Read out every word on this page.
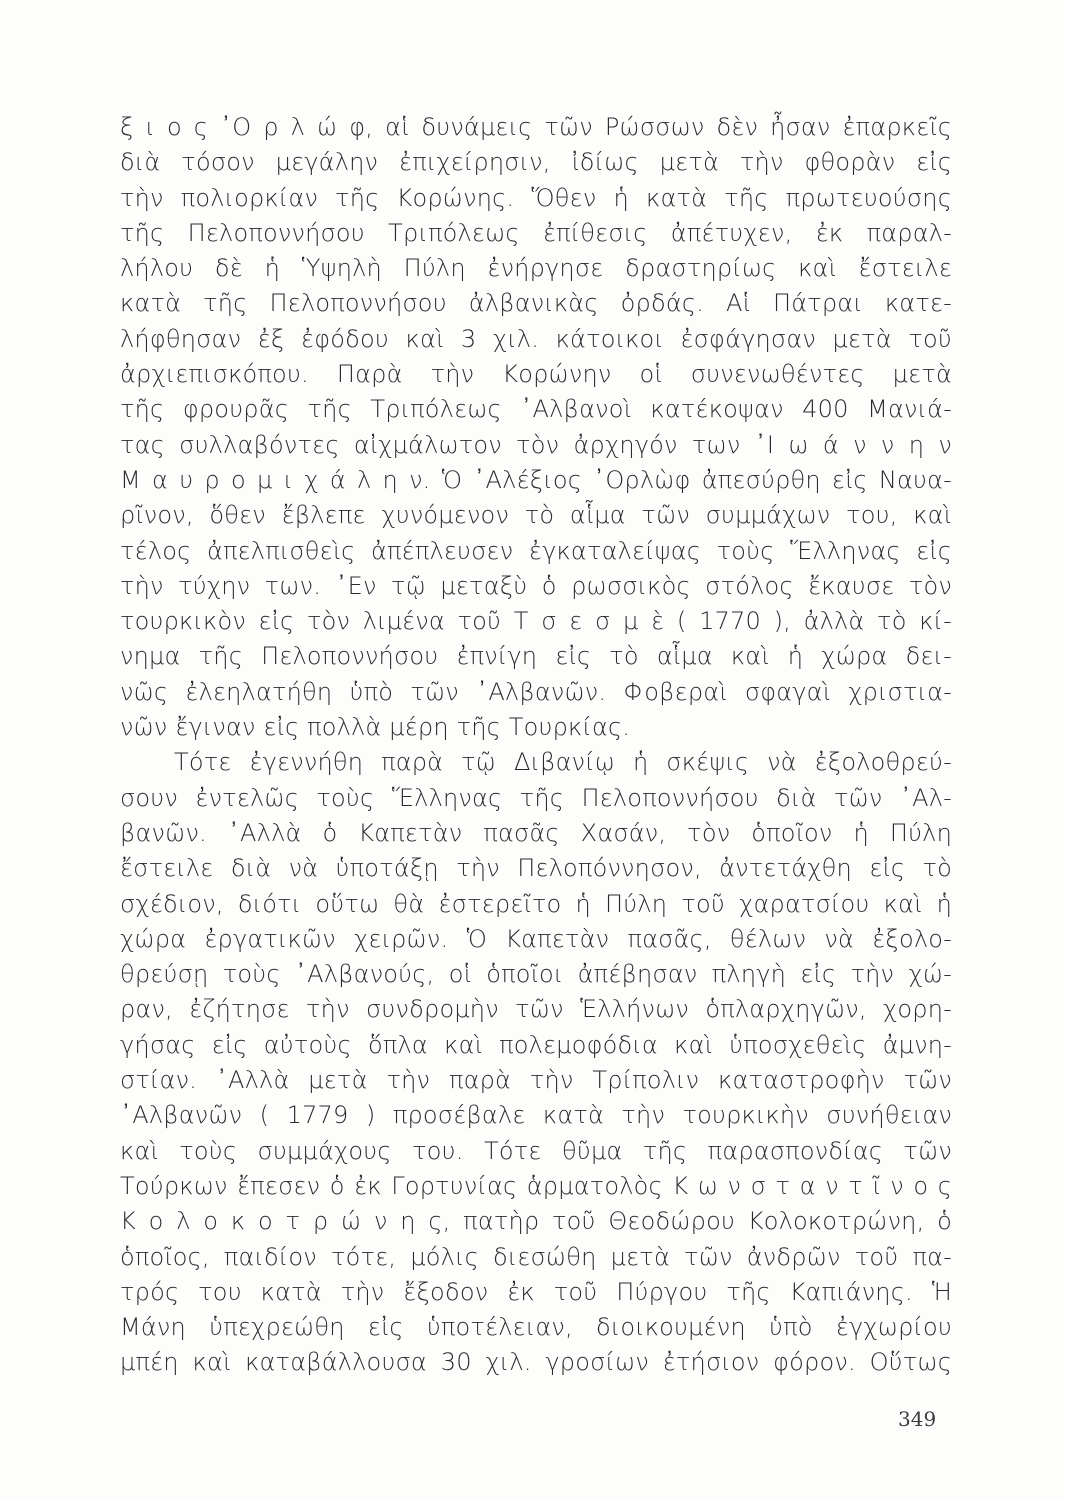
ξ ι ο ς ᾿Ο ρ λ ώ φ, αἱ δυνάμεις τῶν Ρώσσων δὲν ἦσαν ἐπαρκεῖς
διὰ τόσον μεγάλην ἐπιχείρησιν, ἰδίως μετὰ τὴν φθορὰν εἰς
τὴν πολιορκίαν τῆς Κορώνης. Ὅθεν ἡ κατὰ τῆς πρωτευούσης
τῆς Πελοποννήσου Τριπόλεως ἐπίθεσις ἀπέτυχεν, ἐκ παραλ-
λήλου δὲ ἡ Ὑψηλὴ Πύλη ἐνήργησε δραστηρίως καὶ ἔστειλε
κατὰ τῆς Πελοποννήσου ἀλβανικὰς ὀρδάς. Αἱ Πάτραι κατε-
λήφθησαν ἐξ ἐφόδου καὶ 3 χιλ. κάτοικοι ἐσφάγησαν μετὰ τοῦ
ἀρχιεπισκόπου. Παρὰ τὴν Κορώνην οἱ συνενωθέντες μετὰ
τῆς φρουρᾶς τῆς Τριπόλεως ᾿Αλβανοὶ κατέκοψαν 400 Μανιά-
τας συλλαβόντες αἰχμάλωτον τὸν ἀρχηγόν των ᾿Ι ω ά ν ν η ν
Μ α υ ρ ο μ ι χ ά λ η ν. Ὁ ᾿Αλέξιος ᾿Ορλὼφ ἀπεσύρθη εἰς Ναυα-
ρῖνον, ὅθεν ἔβλεπε χυνόμενον τὸ αἷμα τῶν συμμάχων του, καὶ
τέλος ἀπελπισθεὶς ἀπέπλευσεν ἐγκαταλείψας τοὺς Ἕλληνας εἰς
τὴν τύχην των. ᾿Εν τῷ μεταξὺ ὁ ρωσσικὸς στόλος ἔκαυσε τὸν
τουρκικὸν εἰς τὸν λιμένα τοῦ Τ σ ε σ μ ὲ ( 1770 ), ἀλλὰ τὸ κί-
νημα τῆς Πελοποννήσου ἐπνίγη εἰς τὸ αἷμα καὶ ἡ χώρα δει-
νῶς ἐλεηλατήθη ὑπὸ τῶν ᾿Αλβανῶν. Φοβεραὶ σφαγαὶ χριστια-
νῶν ἔγιναν εἰς πολλὰ μέρη τῆς Τουρκίας.
Τότε ἐγεννήθη παρὰ τῷ Διβανίῳ ἡ σκέψις νὰ ἐξολοθρεύ-
σουν ἐντελῶς τοὺς Ἕλληνας τῆς Πελοποννήσου διὰ τῶν ᾿Αλ-
βανῶν. ᾿Αλλὰ ὁ Καπετὰν πασᾶς Χασάν, τὸν ὁποῖον ἡ Πύλη
ἔστειλε διὰ νὰ ὑποτάξῃ τὴν Πελοπόννησον, ἀντετάχθη εἰς τὸ
σχέδιον, διότι οὕτω θὰ ἐστερεῖτο ἡ Πύλη τοῦ χαρατσίου καὶ ἡ
χώρα ἐργατικῶν χειρῶν. Ὁ Καπετὰν πασᾶς, θέλων νὰ ἐξολο-
θρεύσῃ τοὺς ᾿Αλβανούς, οἱ ὁποῖοι ἀπέβησαν πληγὴ εἰς τὴν χώ-
ραν, ἐζήτησε τὴν συνδρομὴν τῶν Ἑλλήνων ὁπλαρχηγῶν, χορη-
γήσας εἰς αὐτοὺς ὅπλα καὶ πολεμοφόδια καὶ ὑποσχεθεὶς ἀμνη-
στίαν. ᾿Αλλὰ μετὰ τὴν παρὰ τὴν Τρίπολιν καταστροφὴν τῶν
᾿Αλβανῶν ( 1779 ) προσέβαλε κατὰ τὴν τουρκικὴν συνήθειαν
καὶ τοὺς συμμάχους του. Τότε θῦμα τῆς παρασπονδίας τῶν
Τούρκων ἔπεσεν ὁ ἐκ Γορτυνίας ἁρματολὸς Κ ω ν σ τ α ν τ ῖ ν ο ς
Κ ο λ ο κ ο τ ρ ώ ν η ς, πατὴρ τοῦ Θεοδώρου Κολοκοτρώνη, ὁ
ὁποῖος, παιδίον τότε, μόλις διεσώθη μετὰ τῶν ἀνδρῶν τοῦ πα-
τρός του κατὰ τὴν ἔξοδον ἐκ τοῦ Πύργου τῆς Καπιάνης. Ἡ
Μάνη ὑπεχρεώθη εἰς ὑποτέλειαν, διοικουμένη ὑπὸ ἐγχωρίου
μπέη καὶ καταβάλλουσα 30 χιλ. γροσίων ἐτήσιον φόρον. Οὕτως
349
